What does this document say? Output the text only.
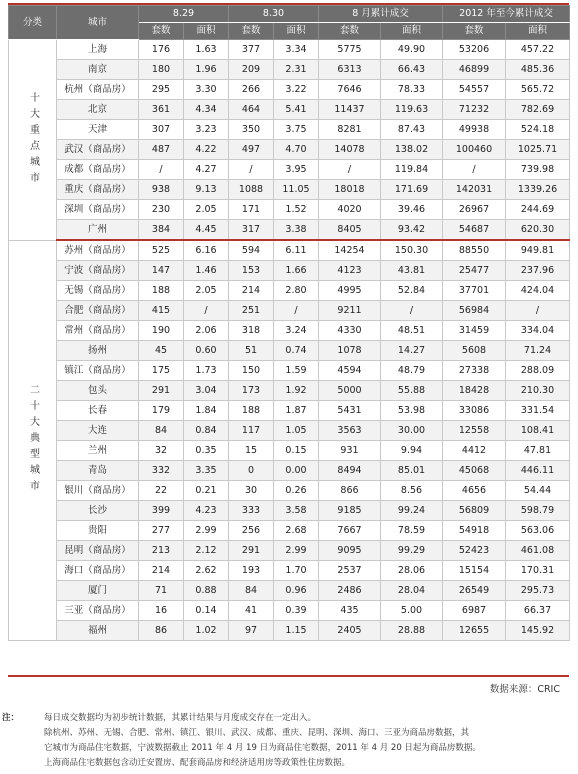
分类	城市	8.29		8.30		8 月累计成交		2012 年至今累计成交	
		套数	面积	套数	面积	套数	面积	套数	面积
十大重点城市	上海	176	1.63	377	3.34	5775	49.90	53206	457.22
	南京	180	1.96	209	2.31	6313	66.43	46899	485.36
	杭州（商品房）	295	3.30	266	3.22	7646	78.33	54557	565.72
	北京	361	4.34	464	5.41	11437	119.63	71232	782.69
	天津	307	3.23	350	3.75	8281	87.43	49938	524.18
	武汉（商品房）	487	4.22	497	4.70	14078	138.02	100460	1025.71
	成都（商品房）	/	4.27	/	3.95	/	119.84	/	739.98
	重庆（商品房）	938	9.13	1088	11.05	18018	171.69	142031	1339.26
	深圳（商品房）	230	2.05	171	1.52	4020	39.46	26967	244.69
	广州	384	4.45	317	3.38	8405	93.42	54687	620.30
二十大典型城市	苏州（商品房）	525	6.16	594	6.11	14254	150.30	88550	949.81
	宁波（商品房）	147	1.46	153	1.66	4123	43.81	25477	237.96
	无锡（商品房）	188	2.05	214	2.80	4995	52.84	37701	424.04
	合肥（商品房）	415	/	251	/	9211	/	56984	/
	常州（商品房）	190	2.06	318	3.24	4330	48.51	31459	334.04
	扬州	45	0.60	51	0.74	1078	14.27	5608	71.24
	镇江（商品房）	175	1.73	150	1.59	4594	48.79	27338	288.09
	包头	291	3.04	173	1.92	5000	55.88	18428	210.30
	长春	179	1.84	188	1.87	5431	53.98	33086	331.54
	大连	84	0.84	117	1.05	3563	30.00	12558	108.41
	兰州	32	0.35	15	0.15	931	9.94	4412	47.81
	青岛	332	3.35	0	0.00	8494	85.01	45068	446.11
	银川（商品房）	22	0.21	30	0.26	866	8.56	4656	54.44
	长沙	399	4.23	333	3.58	9185	99.24	56809	598.79
	贵阳	277	2.99	256	2.68	7667	78.59	54918	563.06
	昆明（商品房）	213	2.12	291	2.99	9095	99.29	52423	461.08
	海口（商品房）	214	2.62	193	1.70	2537	28.06	15154	170.31
	厦门	71	0.88	84	0.96	2486	28.04	26549	295.73
	三亚（商品房）	16	0.14	41	0.39	435	5.00	6987	66.37
	福州	86	1.02	97	1.15	2405	28.88	12655	145.92
数据来源：CRIC
注：	每日成交数据均为初步统计数据，其累计结果与月度成交存在一定出入。
除杭州、苏州、无锡、合肥、常州、镇江、银川、武汉、成都、重庆、昆明、深圳、海口、三亚为商品房数据，其
它城市为商品住宅数据，宁波数据截止 2011 年 4 月 19 日为商品住宅数据，2011 年 4 月 20 日起为商品房数据。
上海商品住宅数据包含动迁安置房、配套商品房和经济适用房等政策性住房数据。
